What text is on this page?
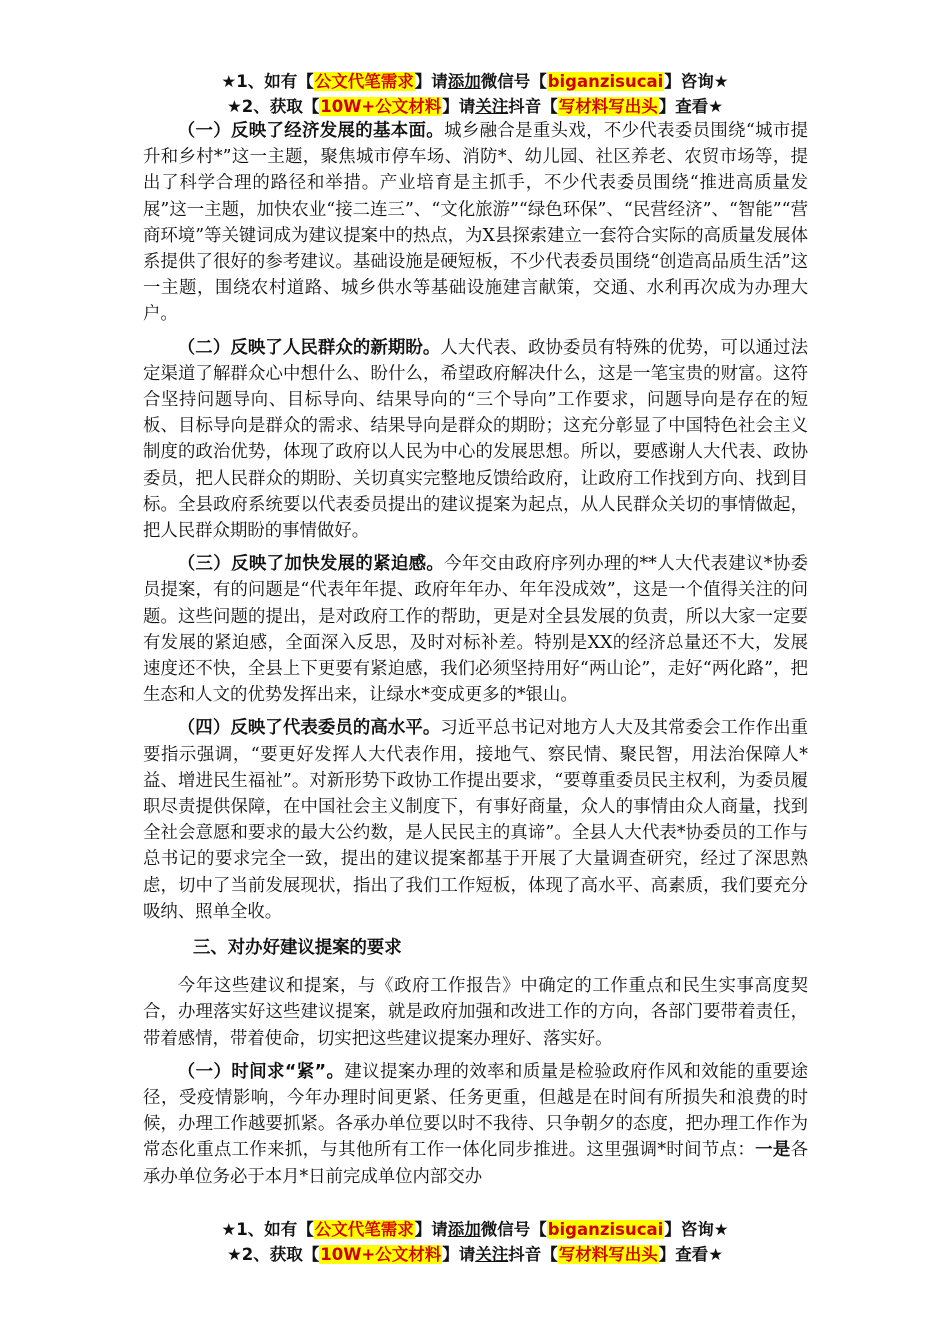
★1、如有【公文代笔需求】请添加微信号【biganzisucai】咨询★
★2、获取【10W+公文材料】请关注抖音【写材料写出头】查看★

（一）反映了经济发展的基本面。城乡融合是重头戏，不少代表委员围绕“城市提升和乡村*”这一主题，聚焦城市停车场、消防*、幼儿园、社区养老、农贸市场等，提出了科学合理的路径和举措。产业培育是主抓手，不少代表委员围绕“推进高质量发展”这一主题，加快农业“接二连三”、“文化旅游”“绿色环保”、“民营经济”、“智能”“营商环境”等关键词成为建议提案中的热点，为X县探索建立一套符合实际的高质量发展体系提供了很好的参考建议。基础设施是硬短板，不少代表委员围绕“创造高品质生活”这一主题，围绕农村道路、城乡供水等基础设施建言献策，交通、水利再次成为办理大户。

（二）反映了人民群众的新期盼。人大代表、政协委员有特殊的优势，可以通过法定渠道了解群众心中想什么、盼什么，希望政府解决什么，这是一笔宝贵的财富。这符合坚持问题导向、目标导向、结果导向的“三个导向”工作要求，问题导向是存在的短板、目标导向是群众的需求、结果导向是群众的期盼；这充分彰显了中国特色社会主义制度的政治优势，体现了政府以人民为中心的发展思想。所以，要感谢人大代表、政协委员，把人民群众的期盼、关切真实完整地反馈给政府，让政府工作找到方向、找到目标。全县政府系统要以代表委员提出的建议提案为起点，从人民群众关切的事情做起，把人民群众期盼的事情做好。

（三）反映了加快发展的紧迫感。今年交由政府序列办理的**人大代表建议*协委员提案，有的问题是“代表年年提、政府年年办、年年没成效”，这是一个值得关注的问题。这些问题的提出，是对政府工作的帮助，更是对全县发展的负责，所以大家一定要有发展的紧迫感，全面深入反思，及时对标补差。特别是XX的经济总量还不大，发展速度还不快，全县上下更要有紧迫感，我们必须坚持用好“两山论”，走好“两化路”，把生态和人文的优势发挥出来，让绿水*变成更多的*银山。

（四）反映了代表委员的高水平。习近平总书记对地方人大及其常委会工作作出重要指示强调，“要更好发挥人大代表作用，接地气、察民情、聚民智，用法治保障人*益、增进民生福祉”。对新形势下政协工作提出要求，“要尊重委员民主权利，为委员履职尽责提供保障，在中国社会主义制度下，有事好商量，众人的事情由众人商量，找到全社会意愿和要求的最大公约数，是人民民主的真谛”。全县人大代表*协委员的工作与总书记的要求完全一致，提出的建议提案都基于开展了大量调查研究，经过了深思熟虑，切中了当前发展现状，指出了我们工作短板，体现了高水平、高素质，我们要充分吸纳、照单全收。

三、对办好建议提案的要求

今年这些建议和提案，与《政府工作报告》中确定的工作重点和民生实事高度契合，办理落实好这些建议提案，就是政府加强和改进工作的方向，各部门要带着责任，带着感情，带着使命，切实把这些建议提案办理好、落实好。

（一）时间求“紧”。建议提案办理的效率和质量是检验政府作风和效能的重要途径，受疫情影响，今年办理时间更紧、任务更重，但越是在时间有所损失和浪费的时候，办理工作越要抓紧。各承办单位要以时不我待、只争朝夕的态度，把办理工作作为常态化重点工作来抓，与其他所有工作一体化同步推进。这里强调*时间节点：一是各承办单位务必于本月*日前完成单位内部交办

★1、如有【公文代笔需求】请添加微信号【biganzisucai】咨询★
★2、获取【10W+公文材料】请关注抖音【写材料写出头】查看★
